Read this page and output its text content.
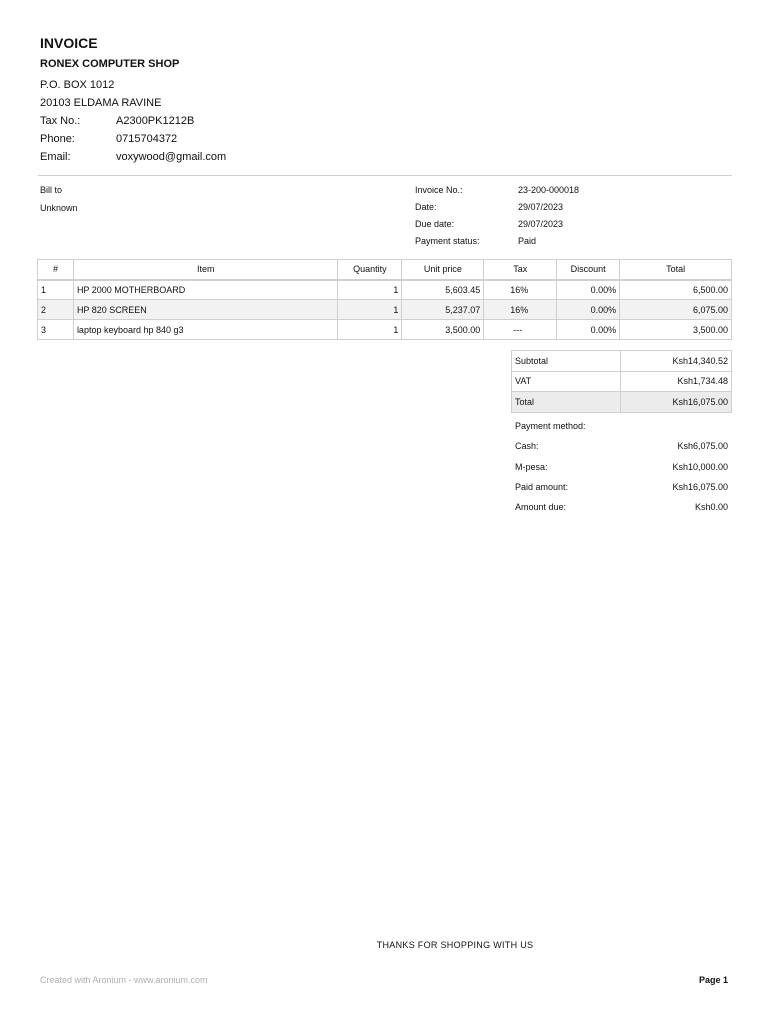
INVOICE
RONEX COMPUTER SHOP
P.O. BOX 1012
20103 ELDAMA RAVINE
Tax No.:	A2300PK1212B
Phone:	0715704372
Email:	voxywood@gmail.com
Bill to
Unknown
Invoice No.:	23-200-000018
Date:	29/07/2023
Due date:	29/07/2023
Payment status:	Paid
#	Item	Quantity	Unit price	Tax	Discount	Total
1	HP 2000 MOTHERBOARD	1	5,603.45	16%	0.00%	6,500.00
2	HP 820 SCREEN	1	5,237.07	16%	0.00%	6,075.00
3	laptop keyboard hp 840 g3	1	3,500.00	---	0.00%	3,500.00
Subtotal	Ksh14,340.52
VAT	Ksh1,734.48
Total	Ksh16,075.00
Payment method:
Cash:	Ksh6,075.00
M-pesa:	Ksh10,000.00
Paid amount:	Ksh16,075.00
Amount due:	Ksh0.00
THANKS FOR SHOPPING WITH US
Created with Aronium - www.aronium.com	Page 1
